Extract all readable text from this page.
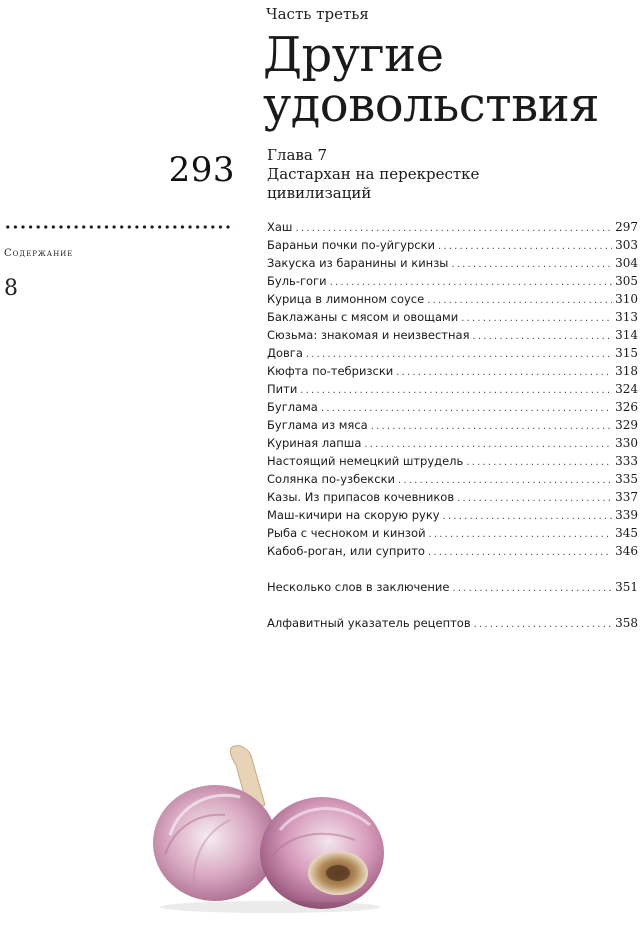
Часть третья
Другие
удовольствия
293 Глава 7
Дастархан на перекрестке
цивилизаций
Содержание
8
Хаш .....	297
Бараньи почки по-уйгурски .....	303
Закуска из баранины и кинзы .....	304
Буль-гоги .....	305
Курица в лимонном соусе .....	310
Баклажаны с мясом и овощами .....	313
Сюзьма: знакомая и неизвестная .....	314
Довга .....	315
Кюфта по-тебризски .....	318
Пити .....	324
Буглама .....	326
Буглама из мяса .....	329
Куриная лапша .....	330
Настоящий немецкий штрудель .....	333
Солянка по-узбекски .....	335
Казы. Из припасов кочевников .....	337
Маш-кичири на скорую руку .....	339
Рыба с чесноком и кинзой .....	345
Кабоб-роган, или суприто .....	346
Несколько слов в заключение .....	351
Алфавитный указатель рецептов .....	358
